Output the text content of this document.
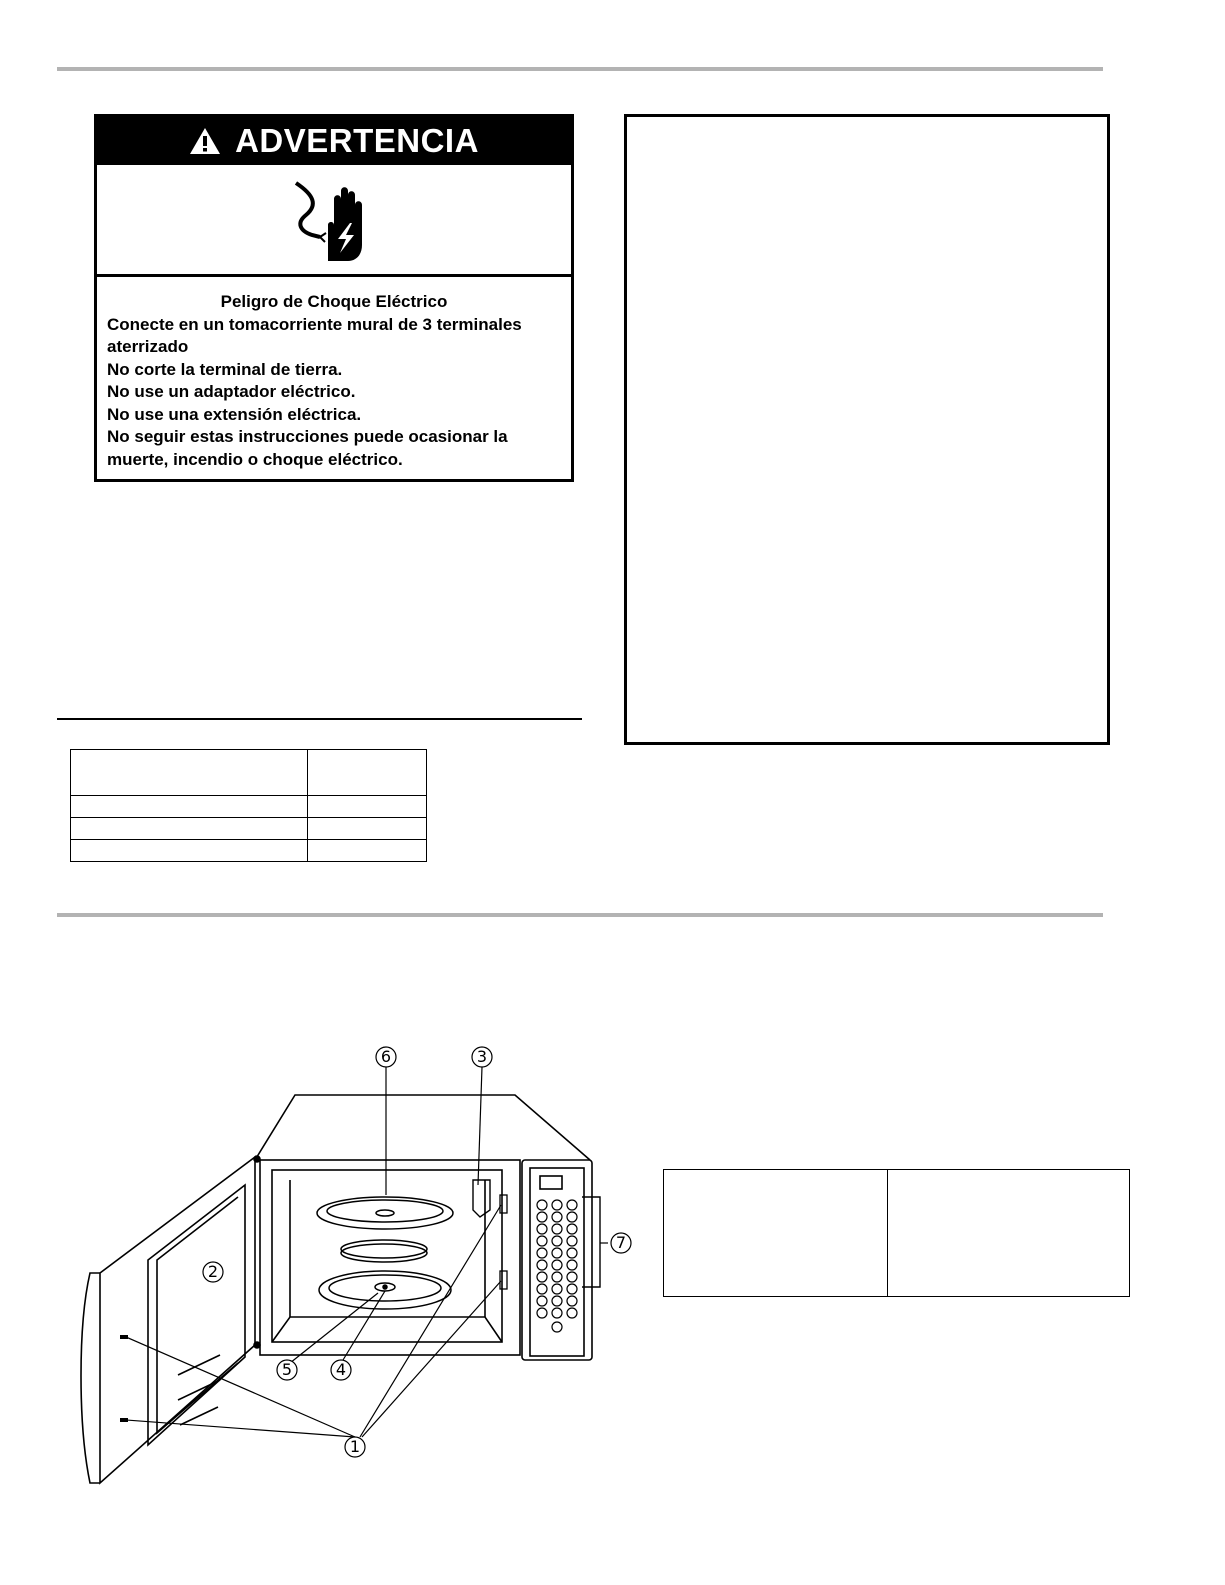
ADVERTENCIA
Peligro de Choque Eléctrico
Conecte en un tomacorriente mural de 3 terminales
aterrizado
No corte la terminal de tierra.
No use un adaptador eléctrico.
No use una extensión eléctrica.
No seguir estas instrucciones puede ocasionar la
muerte, incendio o choque eléctrico.

6	3
2
7
5	4
1
